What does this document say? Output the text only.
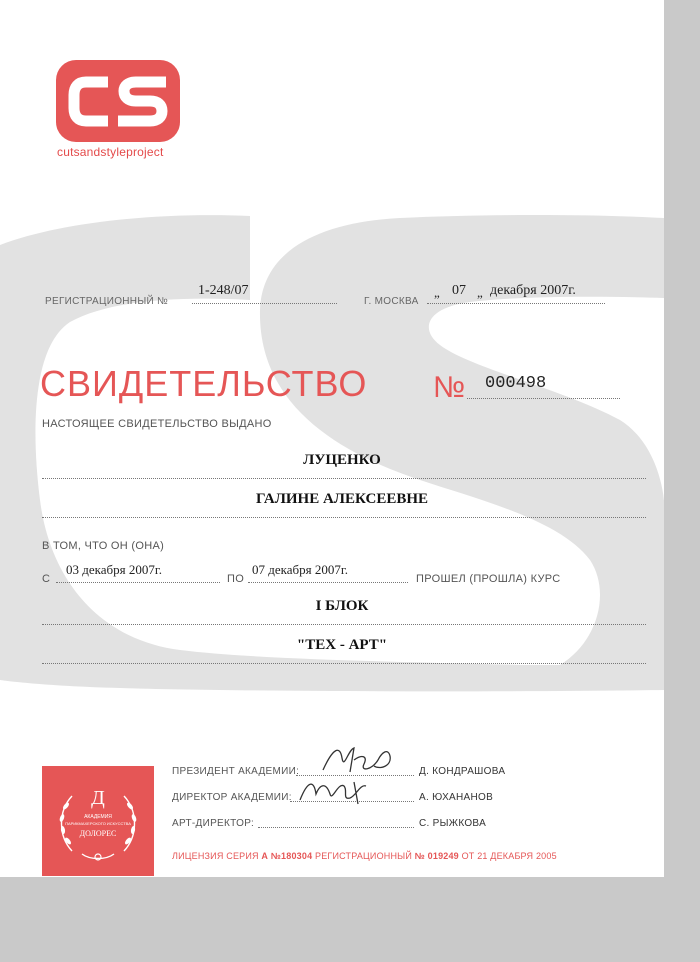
cutsandstyleproject
РЕГИСТРАЦИОННЫЙ №
1-248/07
Г. МОСКВА
„ 07 „ декабря 2007г.
СВИДЕТЕЛЬСТВО № 000498
НАСТОЯЩЕЕ СВИДЕТЕЛЬСТВО ВЫДАНО
ЛУЦЕНКО
ГАЛИНЕ АЛЕКСЕЕВНЕ
В ТОМ, ЧТО ОН (ОНА)
С
03 декабря 2007г.
ПО
07 декабря 2007г.
ПРОШЕЛ (ПРОШЛА) КУРС
I БЛОК
"ТЕХ - АРТ"
Д
АКАДЕМИЯ
ПАРИКМАХЕРСКОГО ИСКУССТВА
ДОЛОРЕС
ПРЕЗИДЕНТ АКАДЕМИИ:	Д. КОНДРАШОВА
ДИРЕКТОР АКАДЕМИИ:	А. ЮХАНАНОВ
АРТ-ДИРЕКТОР:	С. РЫЖКОВА
ЛИЦЕНЗИЯ СЕРИЯ А №180304 РЕГИСТРАЦИОННЫЙ № 019249 ОТ 21 ДЕКАБРЯ 2005
